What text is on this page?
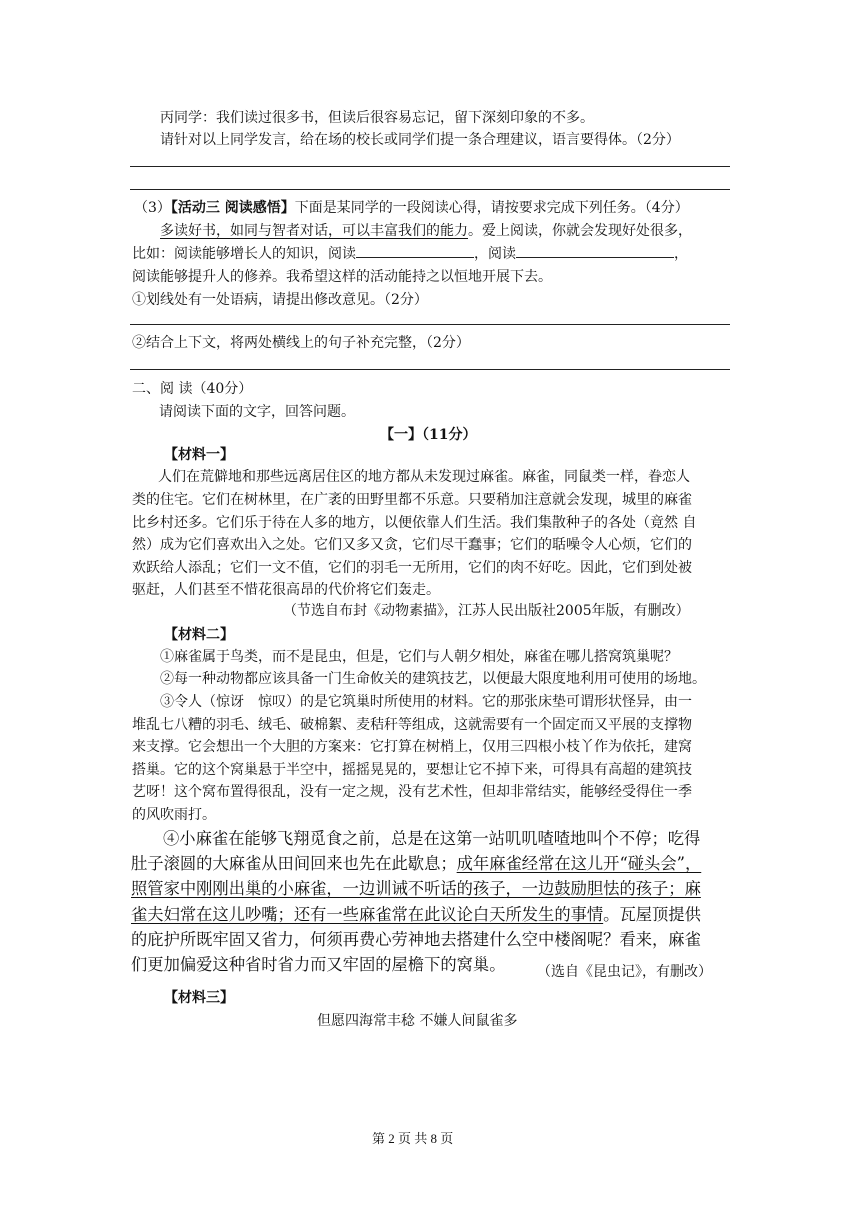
丙同学：我们读过很多书，但读后很容易忘记，留下深刻印象的不多。
请针对以上同学发言，给在场的校长或同学们提一条合理建议，语言要得体。（2分）
（3）【活动三 阅读感悟】下面是某同学的一段阅读心得，请按要求完成下列任务。（4分）
多读好书，如同与智者对话，可以丰富我们的能力。爱上阅读，你就会发现好处很多，
比如：阅读能够增长人的知识，阅读	，阅读	，
阅读能够提升人的修养。我希望这样的活动能持之以恒地开展下去。
①划线处有一处语病，请提出修改意见。（2分）
②结合上下文，将两处横线上的句子补充完整，（2分）
二、阅 读（40分）
请阅读下面的文字，回答问题。
【一】（11分）
【材料一】
人们在荒僻地和那些远离居住区的地方都从未发现过麻雀。麻雀，同鼠类一样，眷恋人
类的住宅。它们在树林里，在广袤的田野里都不乐意。只要稍加注意就会发现，城里的麻雀
比乡村还多。它们乐于待在人多的地方，以便依靠人们生活。我们集散种子的各处（竟然 自
然）成为它们喜欢出入之处。它们又多又贪，它们尽干蠢事；它们的聒噪令人心烦，它们的
欢跃给人添乱；它们一文不值，它们的羽毛一无所用，它们的肉不好吃。因此，它们到处被
驱赶，人们甚至不惜花很高昂的代价将它们轰走。
（节选自布封《动物素描》，江苏人民出版社2005年版，有删改）
【材料二】
①麻雀属于鸟类，而不是昆虫，但是，它们与人朝夕相处，麻雀在哪儿搭窝筑巢呢？
②每一种动物都应该具备一门生命攸关的建筑技艺，以便最大限度地利用可使用的场地。
③令人（惊讶　惊叹）的是它筑巢时所使用的材料。它的那张床垫可谓形状怪异，由一
堆乱七八糟的羽毛、绒毛、破棉絮、麦秸秆等组成，这就需要有一个固定而又平展的支撑物
来支撑。它会想出一个大胆的方案来：它打算在树梢上，仅用三四根小枝丫作为依托，建窝
搭巢。它的这个窝巢悬于半空中，摇摇晃晃的，要想让它不掉下来，可得具有高超的建筑技
艺呀！这个窝布置得很乱，没有一定之规，没有艺术性，但却非常结实，能够经受得住一季
的风吹雨打。
④小麻雀在能够飞翔觅食之前，总是在这第一站叽叽喳喳地叫个不停；吃得
肚子滚圆的大麻雀从田间回来也先在此歇息；成年麻雀经常在这儿开“碰头会”，
照管家中刚刚出巢的小麻雀，一边训诫不听话的孩子，一边鼓励胆怯的孩子；麻
雀夫妇常在这儿吵嘴；还有一些麻雀常在此议论白天所发生的事情。瓦屋顶提供
的庇护所既牢固又省力，何须再费心劳神地去搭建什么空中楼阁呢？看来，麻雀
们更加偏爱这种省时省力而又牢固的屋檐下的窝巢。	（选自《昆虫记》，有删改）
【材料三】
但愿四海常丰稔 不嫌人间鼠雀多
第 2 页 共 8 页
